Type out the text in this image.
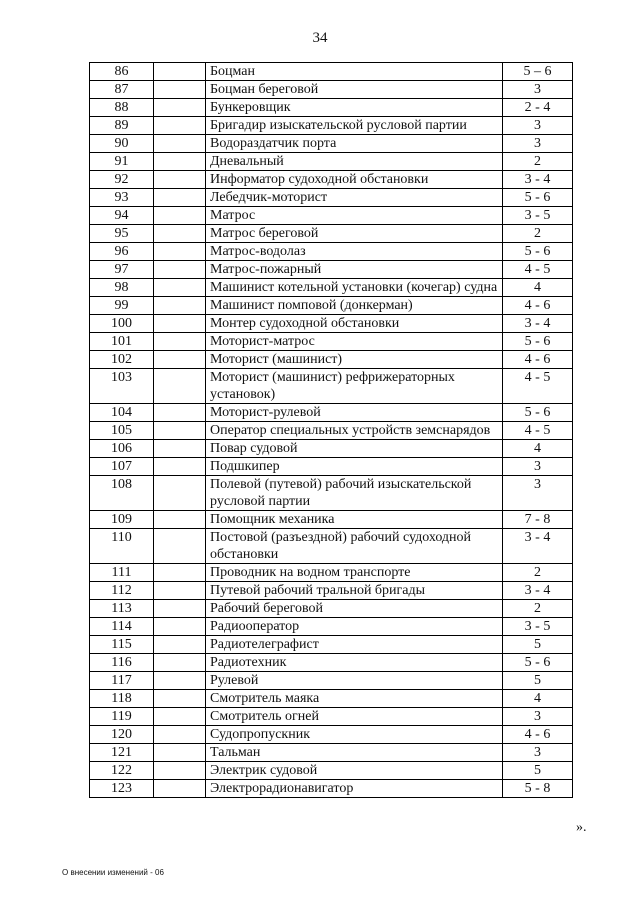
34
86		Боцман	5 – 6
87		Боцман береговой	3
88		Бункеровщик	2 - 4
89		Бригадир изыскательской русловой партии	3
90		Водораздатчик порта	3
91		Дневальный	2
92		Информатор судоходной обстановки	3 - 4
93		Лебедчик-моторист	5 - 6
94		Матрос	3 - 5
95		Матрос береговой	2
96		Матрос-водолаз	5 - 6
97		Матрос-пожарный	4 - 5
98		Машинист котельной установки (кочегар) судна	4
99		Машинист помповой (донкерман)	4 - 6
100		Монтер судоходной обстановки	3 - 4
101		Моторист-матрос	5 - 6
102		Моторист (машинист)	4 - 6
103		Моторист (машинист) рефрижераторных установок)	4 - 5
104		Моторист-рулевой	5 - 6
105		Оператор специальных устройств земснарядов	4 - 5
106		Повар судовой	4
107		Подшкипер	3
108		Полевой (путевой) рабочий изыскательской русловой партии	3
109		Помощник механика	7 - 8
110		Постовой (разъездной) рабочий судоходной обстановки	3 - 4
111		Проводник на водном транспорте	2
112		Путевой рабочий тральной бригады	3 - 4
113		Рабочий береговой	2
114		Радиооператор	3 - 5
115		Радиотелеграфист	5
116		Радиотехник	5 - 6
117		Рулевой	5
118		Смотритель маяка	4
119		Смотритель огней	3
120		Судопропускник	4 - 6
121		Тальман	3
122		Электрик судовой	5
123		Электрорадионавигатор	5 - 8
».
О внесении изменений - 06
